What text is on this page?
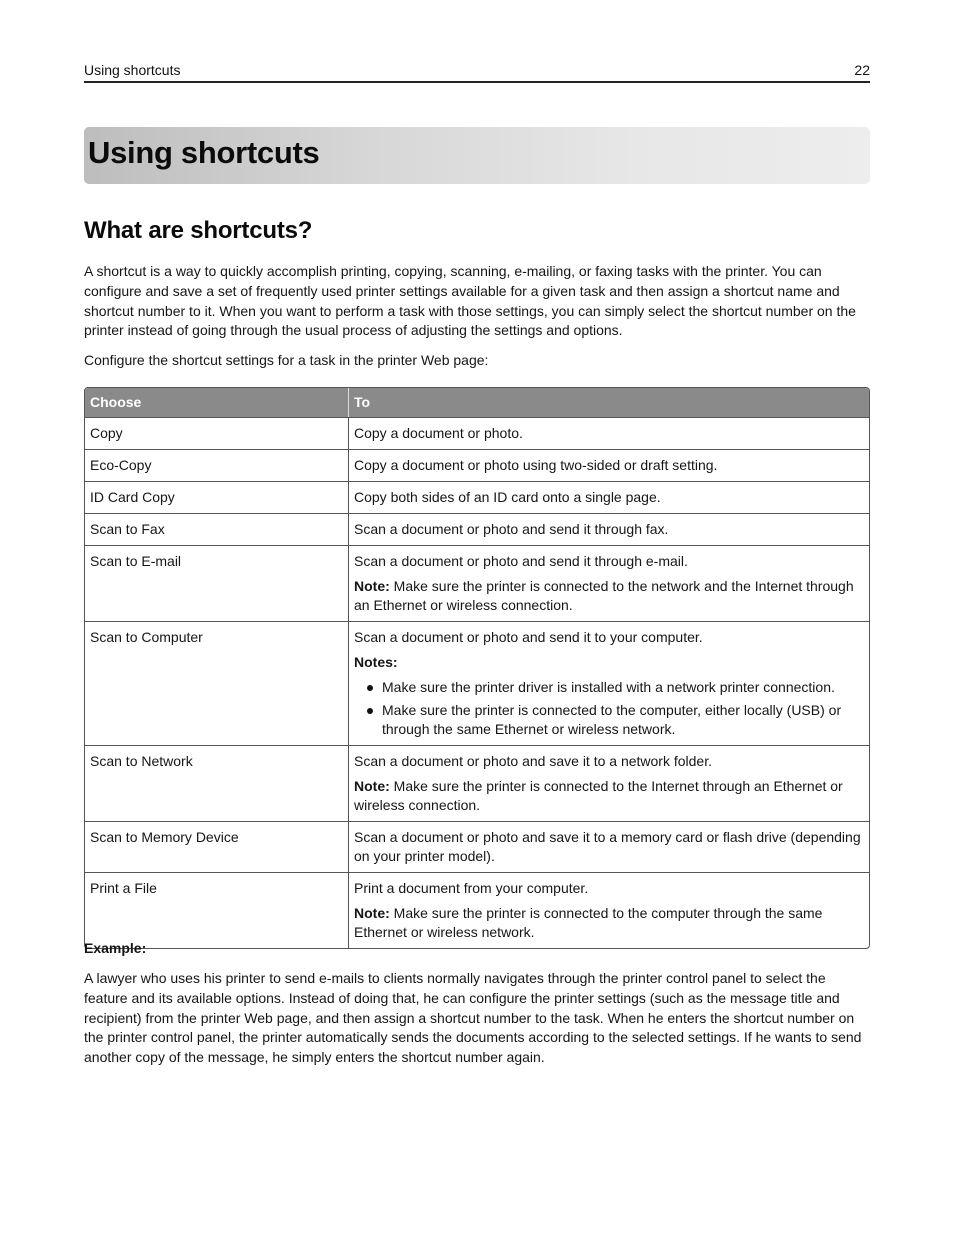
Using shortcuts	22
Using shortcuts
What are shortcuts?

A shortcut is a way to quickly accomplish printing, copying, scanning, e-mailing, or faxing tasks with the printer. You can configure and save a set of frequently used printer settings available for a given task and then assign a shortcut name and shortcut number to it. When you want to perform a task with those settings, you can simply select the shortcut number on the printer instead of going through the usual process of adjusting the settings and options.

Configure the shortcut settings for a task in the printer Web page:

Choose	To
Copy	Copy a document or photo.
Eco-Copy	Copy a document or photo using two-sided or draft setting.
ID Card Copy	Copy both sides of an ID card onto a single page.
Scan to Fax	Scan a document or photo and send it through fax.
Scan to E-mail	Scan a document or photo and send it through e-mail.
Note: Make sure the printer is connected to the network and the Internet through an Ethernet or wireless connection.
Scan to Computer	Scan a document or photo and send it to your computer.
Notes:
Make sure the printer driver is installed with a network printer connection.
Make sure the printer is connected to the computer, either locally (USB) or through the same Ethernet or wireless network.
Scan to Network	Scan a document or photo and save it to a network folder.
Note: Make sure the printer is connected to the Internet through an Ethernet or wireless connection.
Scan to Memory Device	Scan a document or photo and save it to a memory card or flash drive (depending on your printer model).
Print a File	Print a document from your computer.
Note: Make sure the printer is connected to the computer through the same Ethernet or wireless network.

Example:

A lawyer who uses his printer to send e-mails to clients normally navigates through the printer control panel to select the feature and its available options. Instead of doing that, he can configure the printer settings (such as the message title and recipient) from the printer Web page, and then assign a shortcut number to the task. When he enters the shortcut number on the printer control panel, the printer automatically sends the documents according to the selected settings. If he wants to send another copy of the message, he simply enters the shortcut number again.
